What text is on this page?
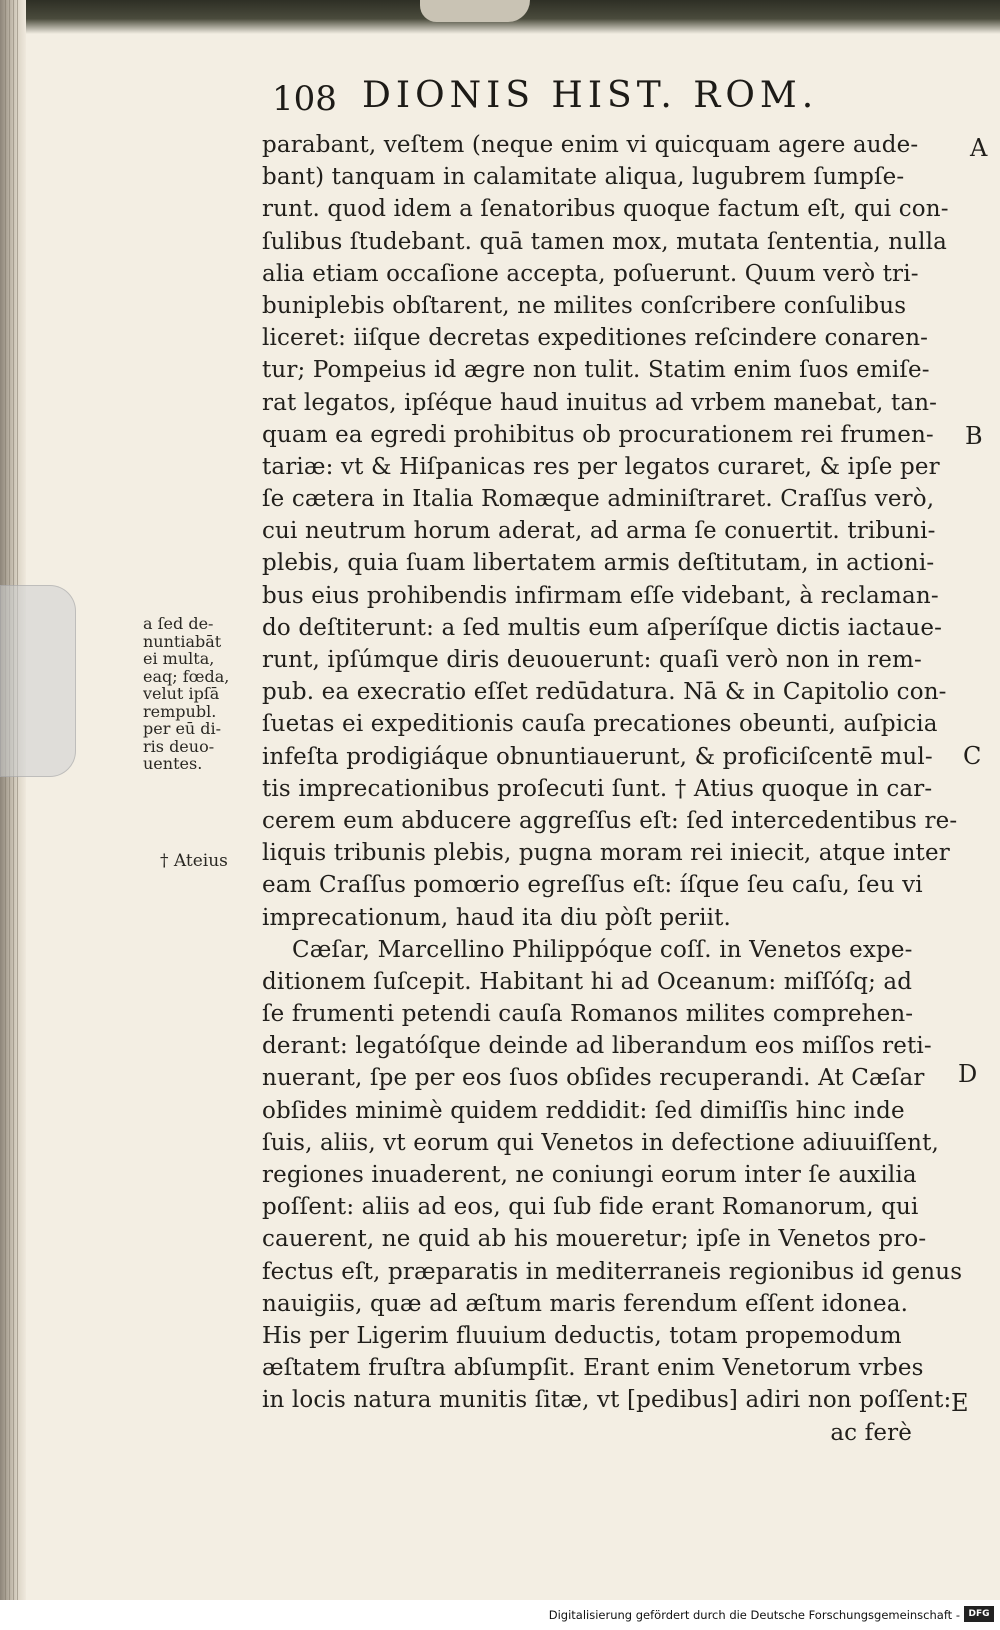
108 DIONIS HIST. ROM.
parabant, veſtem (neque enim vi quicquam agere aude-
bant) tanquam in calamitate aliqua, lugubrem ſumpſe-
runt. quod idem a ſenatoribus quoque factum eſt, qui con-
ſulibus ſtudebant. quā tamen mox, mutata ſententia, nulla
alia etiam occaſione accepta, poſuerunt. Quum verò tri-
buniplebis obſtarent, ne milites conſcribere conſulibus
liceret: iiſque decretas expeditiones reſcindere conaren-
tur; Pompeius id ægre non tulit. Statim enim ſuos emiſe-
rat legatos, ipſéque haud inuitus ad vrbem manebat, tan-
quam ea egredi prohibitus ob procurationem rei frumen-
tariæ: vt & Hiſpanicas res per legatos curaret, & ipſe per
ſe cætera in Italia Romæque adminiſtraret. Craſſus verò,
cui neutrum horum aderat, ad arma ſe conuertit. tribuni-
plebis, quia ſuam libertatem armis deſtitutam, in actioni-
bus eius prohibendis infirmam eſſe videbant, à reclaman-
do deſtiterunt: a ſed multis eum aſperíſque dictis iactaue-
runt, ipſúmque diris deuouerunt: quaſi verò non in rem-
pub. ea execratio eſſet redūdatura. Nā & in Capitolio con-
ſuetas ei expeditionis cauſa precationes obeunti, auſpicia
infeſta prodigiáque obnuntiauerunt, & proficiſcentē mul-
tis imprecationibus proſecuti ſunt. † Atius quoque in car-
cerem eum abducere aggreſſus eſt: ſed intercedentibus re-
liquis tribunis plebis, pugna moram rei iniecit, atque inter
eam Craſſus pomœrio egreſſus eſt: íſque ſeu caſu, ſeu vi
imprecationum, haud ita diu pòſt periit.
Cæſar, Marcellino Philippóque coſſ. in Venetos expe-
ditionem ſuſcepit. Habitant hi ad Oceanum: miſſóſq; ad
ſe frumenti petendi cauſa Romanos milites comprehen-
derant: legatóſque deinde ad liberandum eos miſſos reti-
nuerant, ſpe per eos ſuos obſides recuperandi. At Cæſar
obſides minimè quidem reddidit: ſed dimiſſis hinc inde
ſuis, aliis, vt eorum qui Venetos in defectione adiuuiſſent,
regiones inuaderent, ne coniungi eorum inter ſe auxilia
poſſent: aliis ad eos, qui ſub fide erant Romanorum, qui
cauerent, ne quid ab his moueretur; ipſe in Venetos pro-
fectus eſt, præparatis in mediterraneis regionibus id genus
nauigiis, quæ ad æſtum maris ferendum eſſent idonea.
His per Ligerim fluuium deductis, totam propemodum
æſtatem fruſtra abſumpſit. Erant enim Venetorum vrbes
in locis natura munitis ſitæ, vt [pedibus] adiri non poſſent:
ac ferè
A
B
C
D
E
a ſed de-
nuntiabāt
ei multa,
eaq; fœda,
velut ipſā
rempubl.
per eū di-
ris deuo-
uentes.
† Ateius
Digitalisierung gefördert durch die Deutsche Forschungsgemeinschaft - DFG
